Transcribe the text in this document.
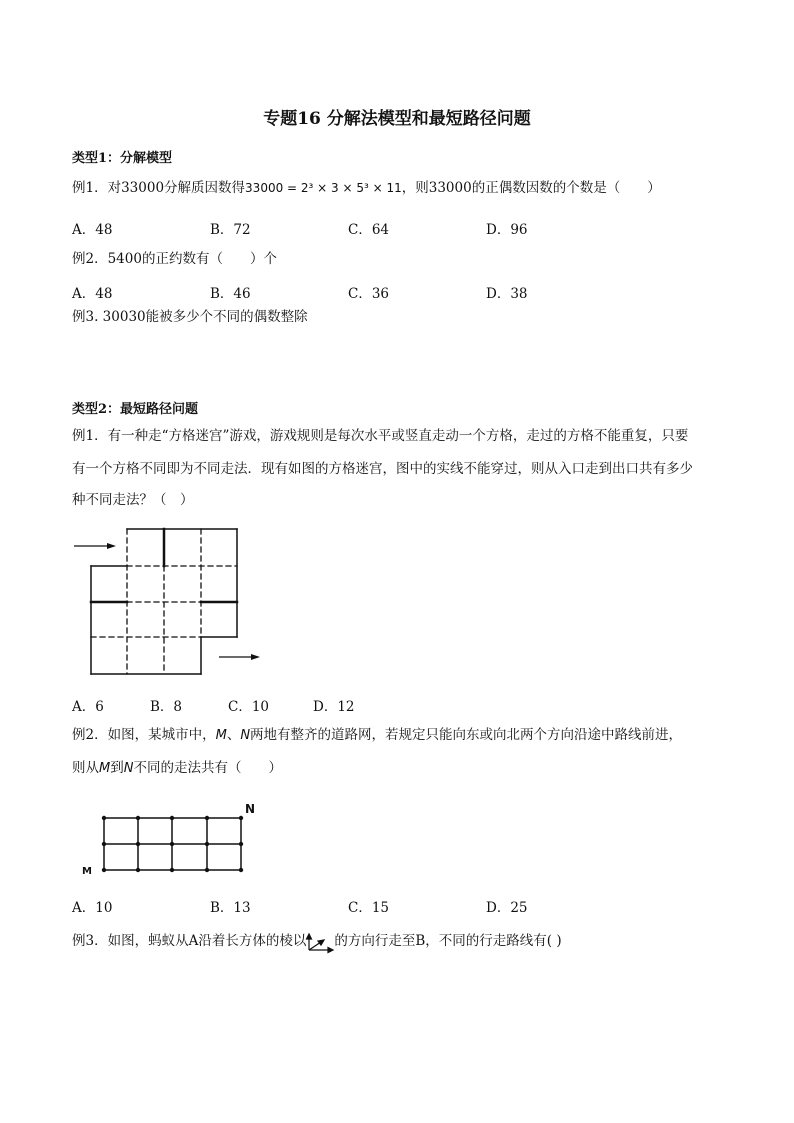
专题16 分解法模型和最短路径问题
类型1：分解模型
例1．对33000分解质因数得33000 = 2³ × 3 × 5³ × 11，则33000的正偶数因数的个数是（　　）
A．48	B．72	C．64	D．96
例2．5400的正约数有（　　）个
A．48	B．46	C．36	D．38
例3. 30030能被多少个不同的偶数整除
类型2：最短路径问题
例1．有一种走“方格迷宫”游戏，游戏规则是每次水平或竖直走动一个方格，走过的方格不能重复，只要
有一个方格不同即为不同走法．现有如图的方格迷宫，图中的实线不能穿过，则从入口走到出口共有多少
种不同走法？（　）
A．6	B．8	C．10	D．12
例2．如图，某城市中，M、N两地有整齐的道路网，若规定只能向东或向北两个方向沿途中路线前进，
则从M到N不同的走法共有（　　）
N
M
A．10	B．13	C．15	D．25
例3．如图，蚂蚁从A沿着长方体的棱以 的方向行走至B，不同的行走路线有( )
